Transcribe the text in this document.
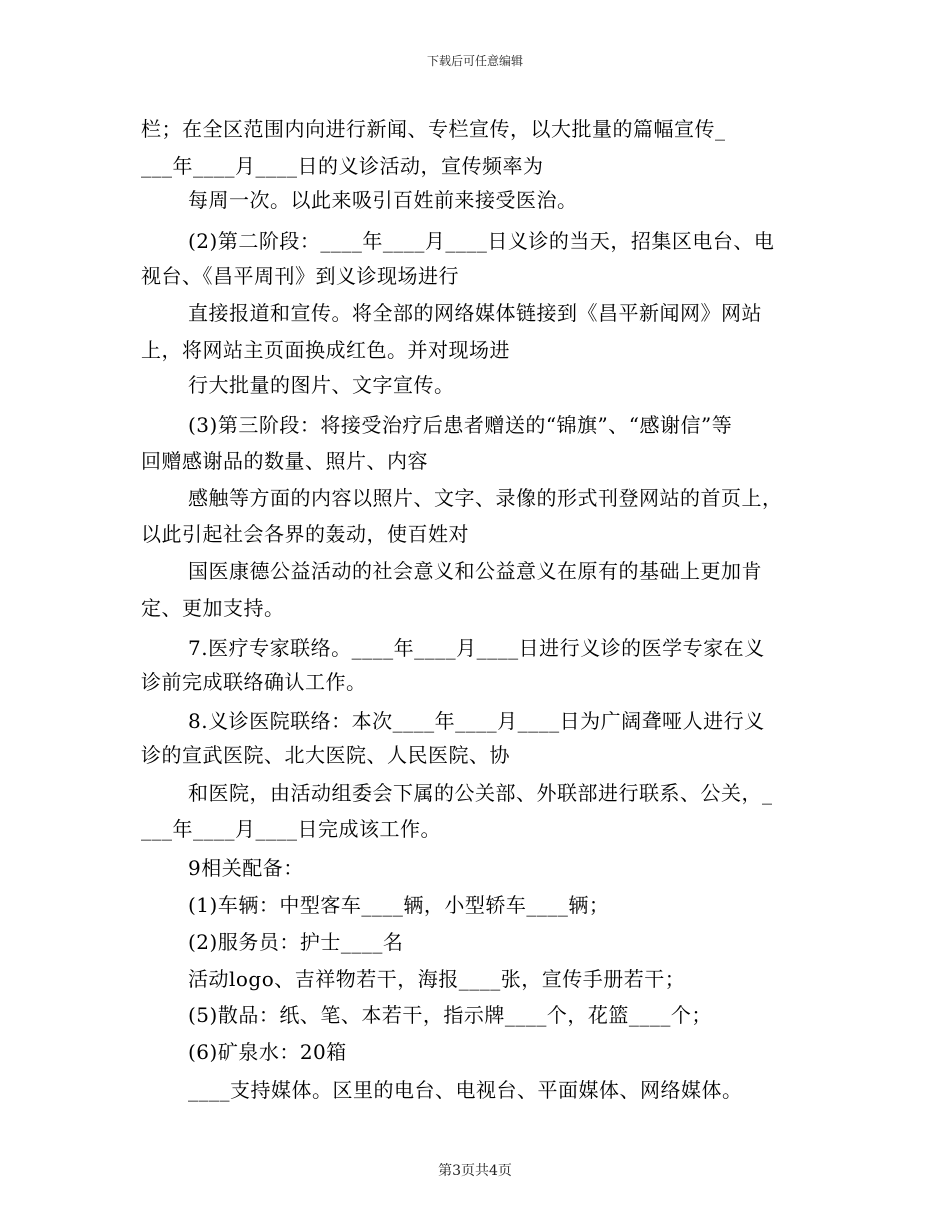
下载后可任意编辑
栏；在全区范围内向进行新闻、专栏宣传，以大批量的篇幅宣传_
___年____月____日的义诊活动，宣传频率为
每周一次。以此来吸引百姓前来接受医治。
(2)第二阶段：____年____月____日义诊的当天，招集区电台、电
视台、《昌平周刊》到义诊现场进行
直接报道和宣传。将全部的网络媒体链接到《昌平新闻网》网站
上，将网站主页面换成红色。并对现场进
行大批量的图片、文字宣传。
(3)第三阶段：将接受治疗后患者赠送的“锦旗”、“感谢信”等
回赠感谢品的数量、照片、内容
感触等方面的内容以照片、文字、录像的形式刊登网站的首页上，
以此引起社会各界的轰动，使百姓对
国医康德公益活动的社会意义和公益意义在原有的基础上更加肯
定、更加支持。
7.医疗专家联络。____年____月____日进行义诊的医学专家在义
诊前完成联络确认工作。
8.义诊医院联络：本次____年____月____日为广阔聋哑人进行义
诊的宣武医院、北大医院、人民医院、协
和医院，由活动组委会下属的公关部、外联部进行联系、公关，_
___年____月____日完成该工作。
9相关配备：
(1)车辆：中型客车____辆，小型轿车____辆；
(2)服务员：护士____名
活动logo、吉祥物若干，海报____张，宣传手册若干；
(5)散品：纸、笔、本若干，指示牌____个，花篮____个；
(6)矿泉水：20箱
____支持媒体。区里的电台、电视台、平面媒体、网络媒体。
第3页共4页
